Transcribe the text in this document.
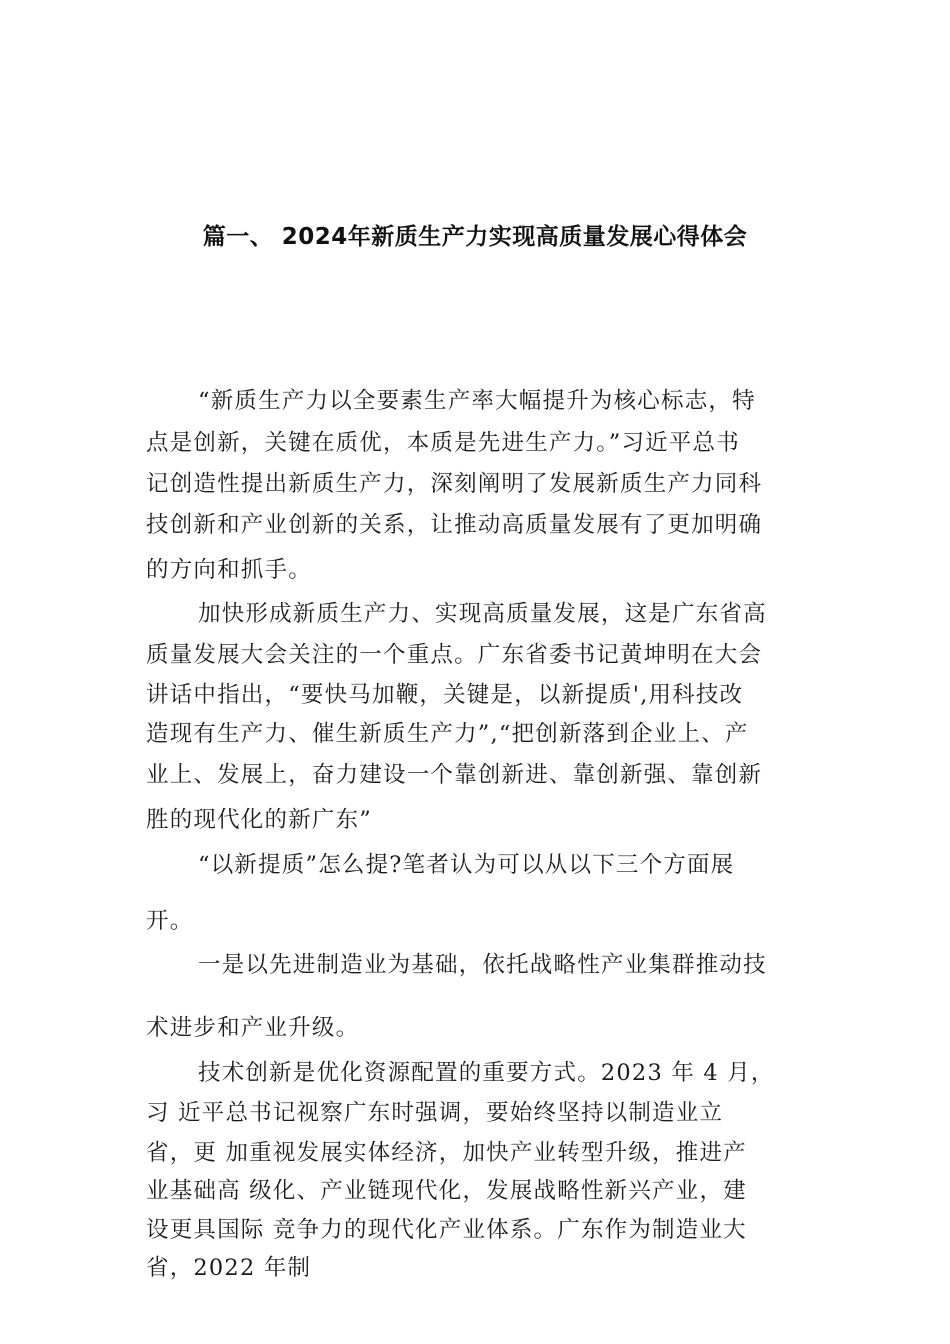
篇一、 2024年新质生产力实现高质量发展心得体会
“新质生产力以全要素生产率大幅提升为核心标志，特
点是创新，关键在质优，本质是先进生产力。”习近平总书
记创造性提出新质生产力，深刻阐明了发展新质生产力同科
技创新和产业创新的关系，让推动高质量发展有了更加明确
的方向和抓手。
加快形成新质生产力、实现高质量发展，这是广东省高
质量发展大会关注的一个重点。广东省委书记黄坤明在大会
讲话中指出，“要快马加鞭，关键是，以新提质',用科技改
造现有生产力、催生新质生产力”,“把创新落到企业上、产
业上、发展上，奋力建设一个靠创新进、靠创新强、靠创新
胜的现代化的新广东”
“以新提质”怎么提?笔者认为可以从以下三个方面展
开。
一是以先进制造业为基础，依托战略性产业集群推动技
术进步和产业升级。
技术创新是优化资源配置的重要方式。2023 年 4 月，
习 近平总书记视察广东时强调，要始终坚持以制造业立
省，更 加重视发展实体经济，加快产业转型升级，推进产
业基础高 级化、产业链现代化，发展战略性新兴产业，建
设更具国际 竞争力的现代化产业体系。广东作为制造业大
省，2022 年制
